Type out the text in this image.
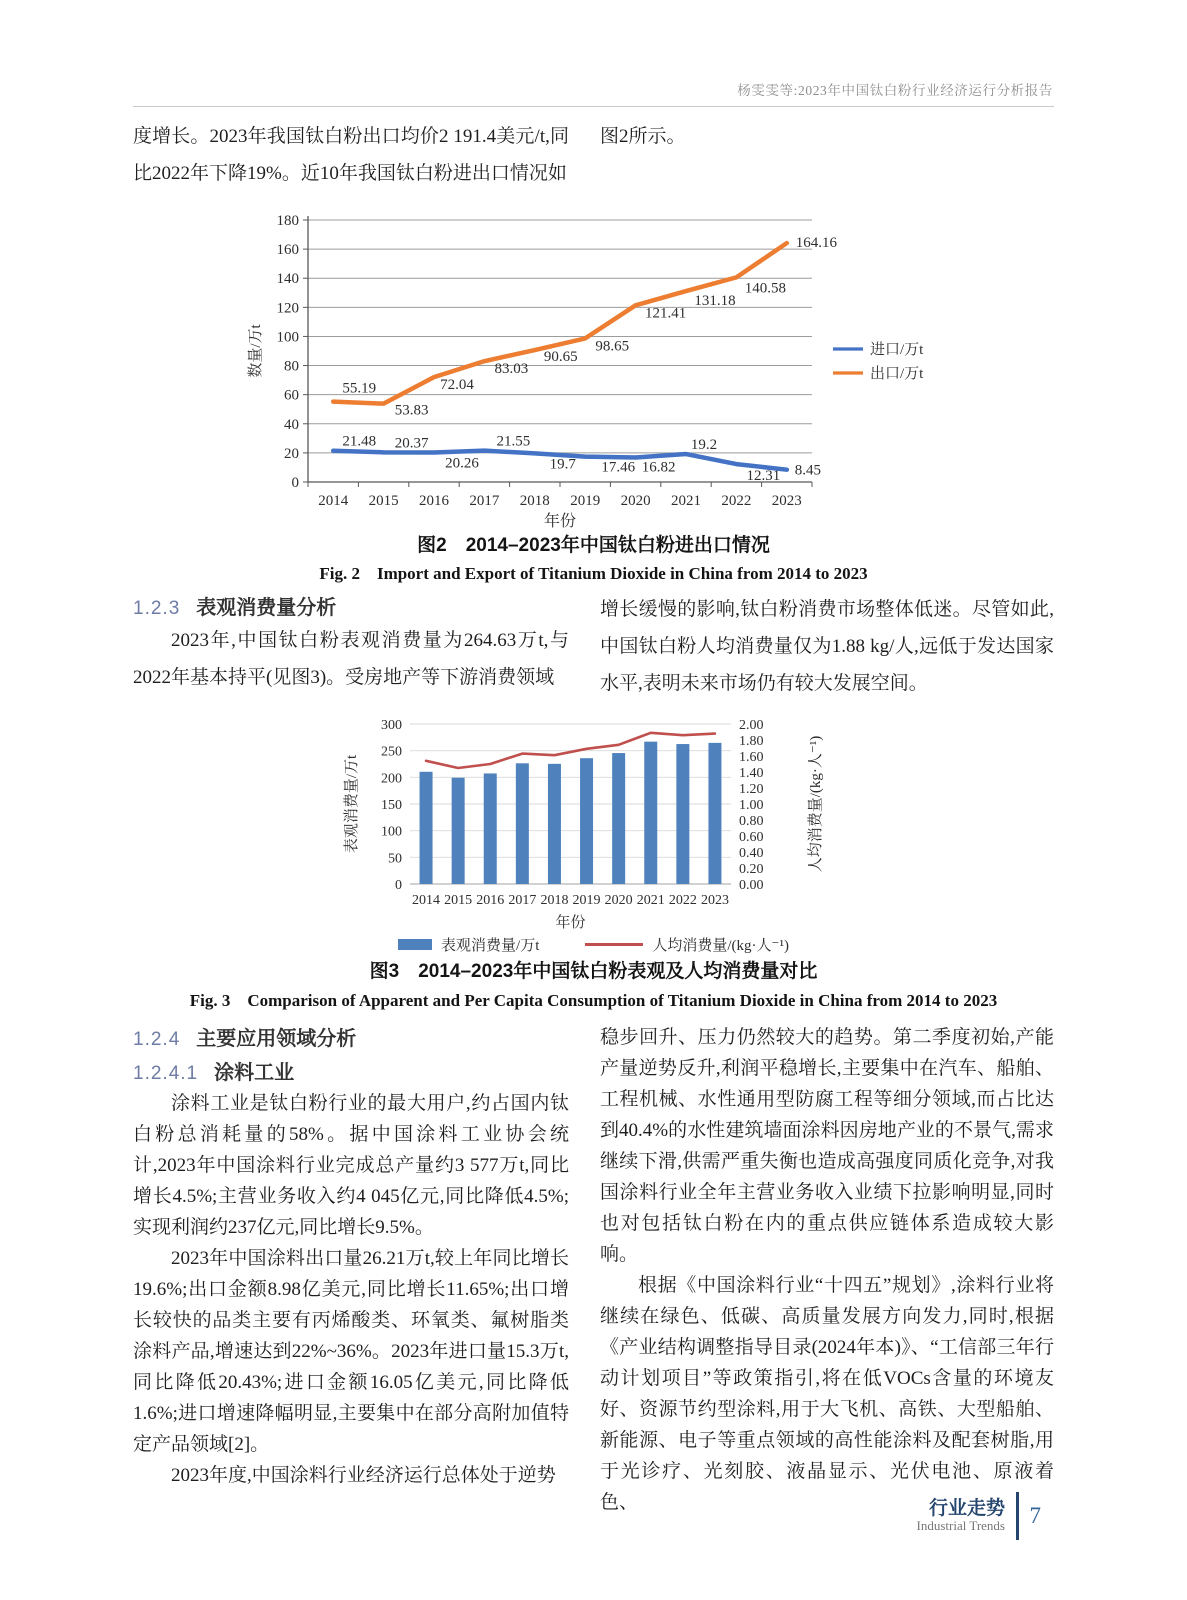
杨雯雯等:2023年中国钛白粉行业经济运行分析报告

度增长。2023年我国钛白粉出口均价2 191.4美元/t,同比2022年下降19%。近10年我国钛白粉进出口情况如

图2所示。

0
20
40
60
80
100
120
140
160
180
2014 2015 2016 2017 2018 2019 2020 2021 2022 2023
21.48 20.37
20.26
21.55
19.7 17.46 16.82
19.2
12.31 8.45
55.19
53.83
72.04
83.03
90.65
98.65
121.41
131.18
140.58
164.16
进口/万t
出口/万t
数量/万t
年份
图2　2014–2023年中国钛白粉进出口情况
Fig. 2　Import and Export of Titanium Dioxide in China from 2014 to 2023
1.2.3 表观消费量分析

2023年,中国钛白粉表观消费量为264.63万t,与2022年基本持平(见图3)。受房地产等下游消费领域

增长缓慢的影响,钛白粉消费市场整体低迷。尽管如此,中国钛白粉人均消费量仅为1.88 kg/人,远低于发达国家水平,表明未来市场仍有较大发展空间。

0
50
100
150
200
250
300
0.00
0.20
0.40
0.60
0.80
1.00
1.20
1.40
1.60
1.80
2.00
2014 2015 2016 2017 2018 2019 2020 2021 2022 2023
年份
表观消费量/万t	人均消费量/(kg·人⁻¹)
表观消费量/万t	人均消费量/(kg·人⁻¹)
图3　2014–2023年中国钛白粉表观及人均消费量对比
Fig. 3　Comparison of Apparent and Per Capita Consumption of Titanium Dioxide in China from 2014 to 2023
1.2.4 主要应用领域分析
1.2.4.1 涂料工业

涂料工业是钛白粉行业的最大用户,约占国内钛白粉总消耗量的58%。据中国涂料工业协会统计,2023年中国涂料行业完成总产量约3 577万t,同比增长4.5%;主营业务收入约4 045亿元,同比降低4.5%;实现利润约237亿元,同比增长9.5%。

2023年中国涂料出口量26.21万t,较上年同比增长19.6%;出口金额8.98亿美元,同比增长11.65%;出口增长较快的品类主要有丙烯酸类、环氧类、氟树脂类涂料产品,增速达到22%~36%。2023年进口量15.3万t,同比降低20.43%;进口金额16.05亿美元,同比降低1.6%;进口增速降幅明显,主要集中在部分高附加值特定产品领域[2]。

2023年度,中国涂料行业经济运行总体处于逆势

稳步回升、压力仍然较大的趋势。第二季度初始,产能产量逆势反升,利润平稳增长,主要集中在汽车、船舶、工程机械、水性通用型防腐工程等细分领域,而占比达到40.4%的水性建筑墙面涂料因房地产业的不景气,需求继续下滑,供需严重失衡也造成高强度同质化竞争,对我国涂料行业全年主营业务收入业绩下拉影响明显,同时也对包括钛白粉在内的重点供应链体系造成较大影响。

根据《中国涂料行业“十四五”规划》,涂料行业将继续在绿色、低碳、高质量发展方向发力,同时,根据《产业结构调整指导目录(2024年本)》、“工信部三年行动计划项目”等政策指引,将在低VOCs含量的环境友好、资源节约型涂料,用于大飞机、高铁、大型船舶、新能源、电子等重点领域的高性能涂料及配套树脂,用于光诊疗、光刻胶、液晶显示、光伏电池、原液着色、	行业走势
Industrial Trends 7
